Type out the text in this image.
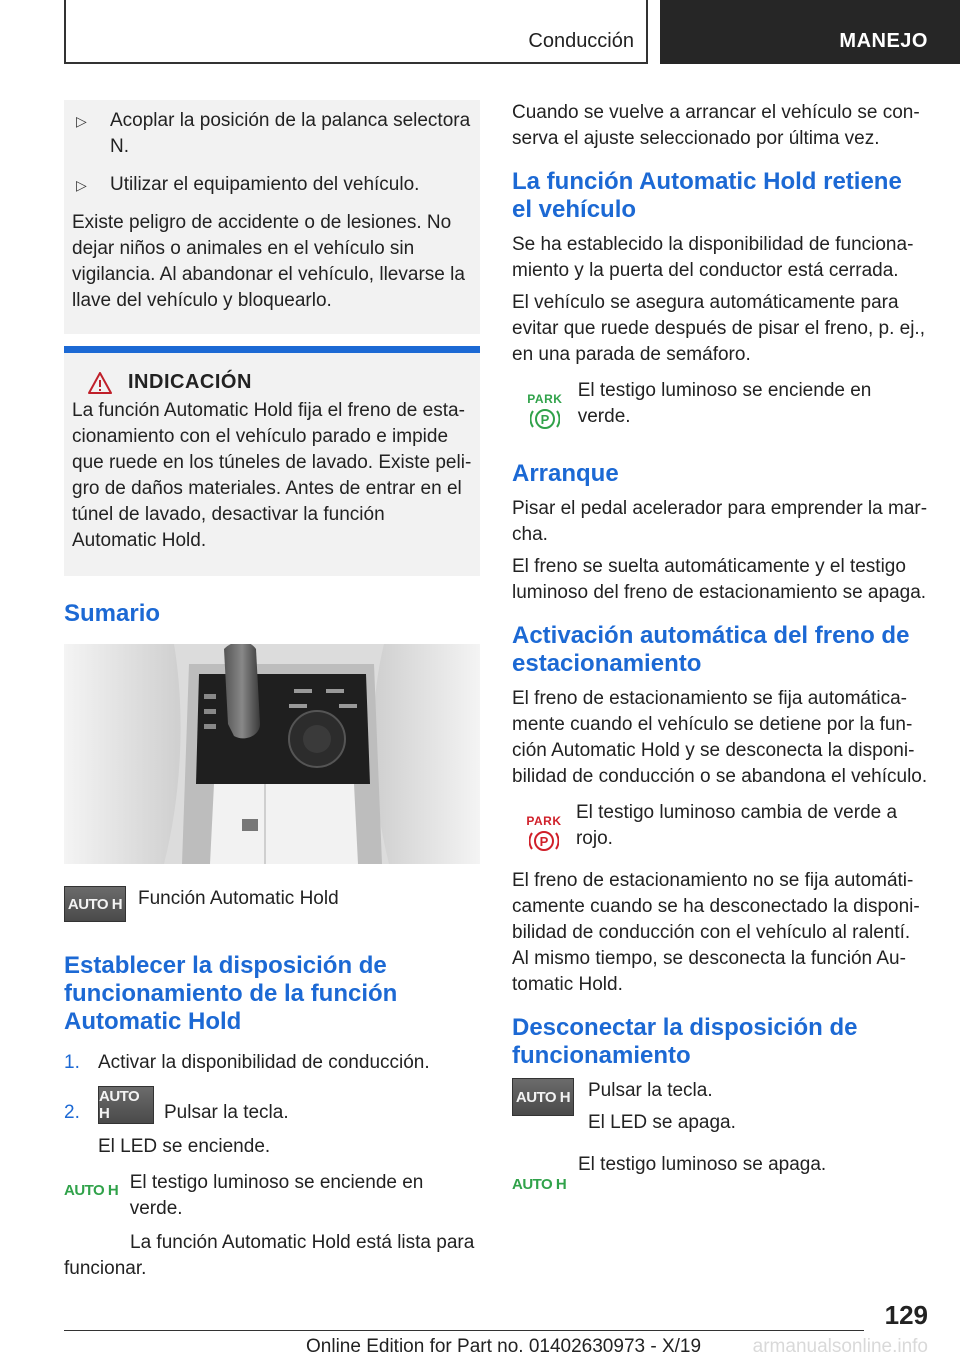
Conducción	MANEJO
▷	Acoplar la posición de la palanca selectora N.

▷	Utilizar el equipamiento del vehículo.

Existe peligro de accidente o de lesiones. No dejar niños o animales en el vehículo sin vigilancia. Al abandonar el vehículo, llevarse la llave del vehículo y bloquearlo.

INDICACIÓN

La función Automatic Hold fija el freno de estacionamiento con el vehículo parado e impide que ruede en los túneles de lavado. Existe peligro de daños materiales. Antes de entrar en el túnel de lavado, desactivar la función Automatic Hold.

Sumario
AUTO H Función Automatic Hold

Establecer la disposición de funcionamiento de la función Automatic Hold
1. Activar la disponibilidad de conducción.

2.
AUTO H	Pulsar la tecla.

El LED se enciende.

AUTO H El testigo luminoso se enciende en verde.

La función Automatic Hold está lista para funcionar.

Cuando se vuelve a arrancar el vehículo se conserva el ajuste seleccionado por última vez.

La función Automatic Hold retiene el vehículo

Se ha establecido la disponibilidad de funcionamiento y la puerta del conductor está cerrada.

El vehículo se asegura automáticamente para evitar que ruede después de pisar el freno, p. ej., en una parada de semáforo.

PARK
P

El testigo luminoso se enciende en verde.

Arranque

Pisar el pedal acelerador para emprender la marcha.

El freno se suelta automáticamente y el testigo luminoso del freno de estacionamiento se apaga.

Activación automática del freno de estacionamiento

El freno de estacionamiento se fija automáticamente cuando el vehículo se detiene por la función Automatic Hold y se desconecta la disponibilidad de conducción o se abandona el vehículo.

PARK
P

El testigo luminoso cambia de verde a rojo.

El freno de estacionamiento no se fija automáticamente cuando se ha desconectado la disponibilidad de conducción con el vehículo al ralentí. Al mismo tiempo, se desconecta la función Automatic Hold.

Desconectar la disposición de funcionamiento
AUTO H Pulsar la tecla.

El LED se apaga.

AUTO H

El testigo luminoso se apaga.

129
Online Edition for Part no. 01402630973 - X/19	armanualsonline.info
